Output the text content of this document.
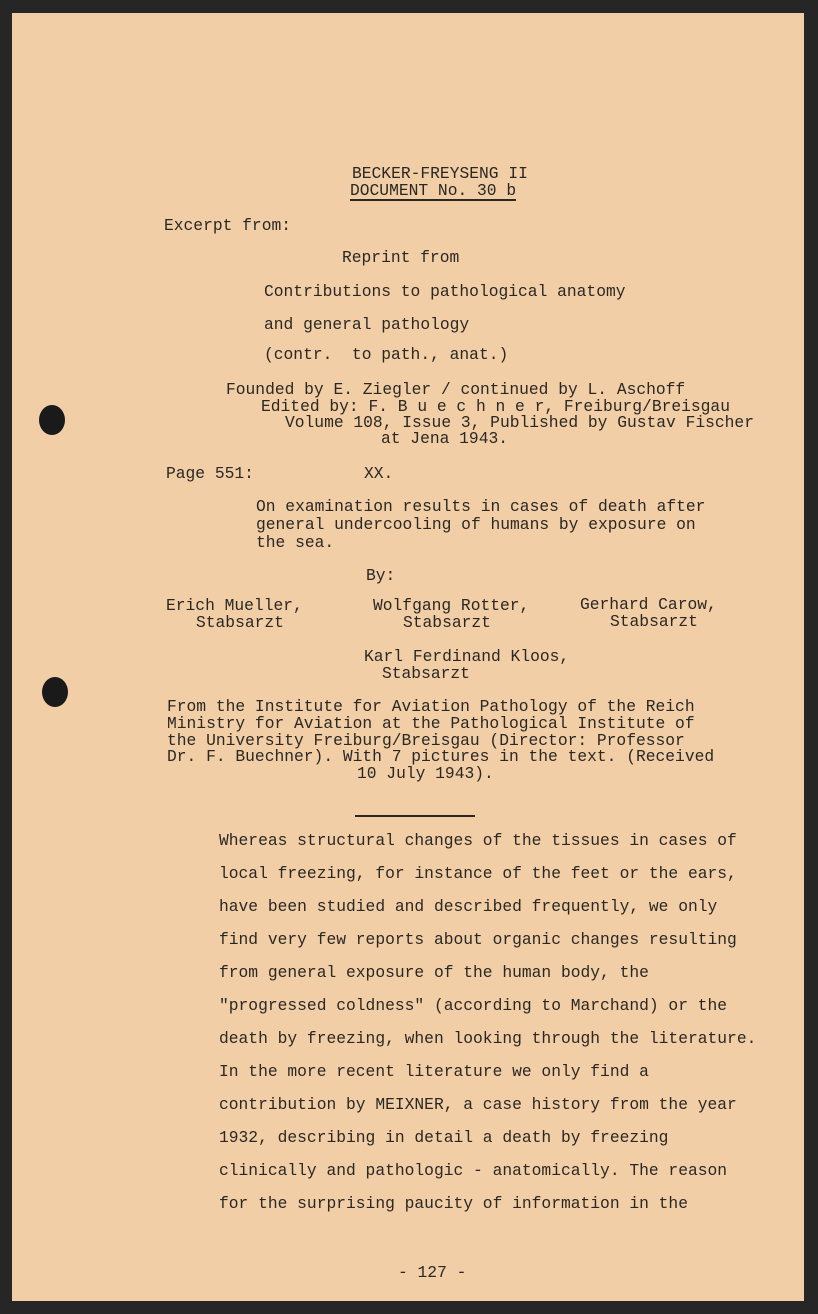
BECKER-FREYSENG II
DOCUMENT No. 30 b
Excerpt from:
Reprint from
Contributions to pathological anatomy
and general pathology
(contr.  to path., anat.)
Founded by E. Ziegler / continued by L. Aschoff
Edited by: F. B u e c h n e r, Freiburg/Breisgau
Volume 108, Issue 3, Published by Gustav Fischer
at Jena 1943.
Page 551:	XX.
On examination results in cases of death after
general undercooling of humans by exposure on
the sea.
By:
Erich Mueller,
Stabsarzt
Wolfgang Rotter,
Stabsarzt
Gerhard Carow,
Stabsarzt
Karl Ferdinand Kloos,
Stabsarzt
From the Institute for Aviation Pathology of the Reich
Ministry for Aviation at the Pathological Institute of
the University Freiburg/Breisgau (Director: Professor
Dr. F. Buechner). With 7 pictures in the text. (Received
10 July 1943).
Whereas structural changes of the tissues in cases of
local freezing, for instance of the feet or the ears,
have been studied and described frequently, we only
find very few reports about organic changes resulting
from general exposure of the human body, the
"progressed coldness" (according to Marchand) or the
death by freezing, when looking through the literature.
In the more recent literature we only find a
contribution by MEIXNER, a case history from the year
1932, describing in detail a death by freezing
clinically and pathologic - anatomically. The reason
for the surprising paucity of information in the
- 127 -
